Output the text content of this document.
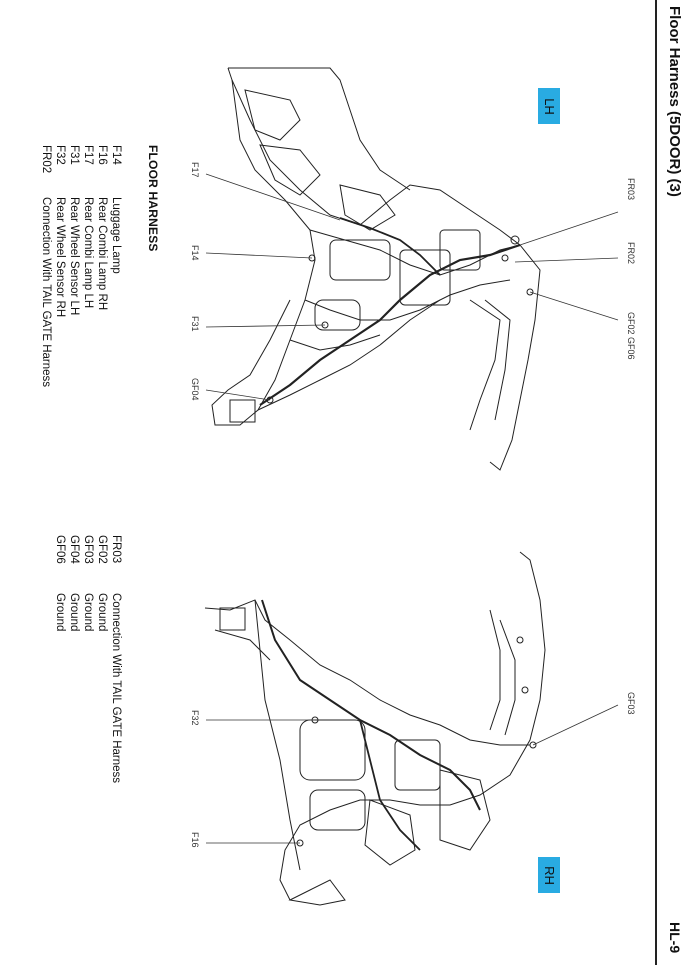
Floor Harness (5DOOR) (3)
HL-9
LH
RH
FR03
FR02
GF02 GF06
F17
F14
F31
GF04
GF03
F32
F16
FLOOR HARNESS
F14Luggage Lamp
F16Rear Combi Lamp RH
F17Rear Combi Lamp LH
F31Rear Wheel Sensor LH
F32Rear Wheel Sensor RH
FR02Connection With TAIL GATE Harness
FR03Connection With TAIL GATE Harness
GF02Ground
GF03Ground
GF04Ground
GF06Ground
